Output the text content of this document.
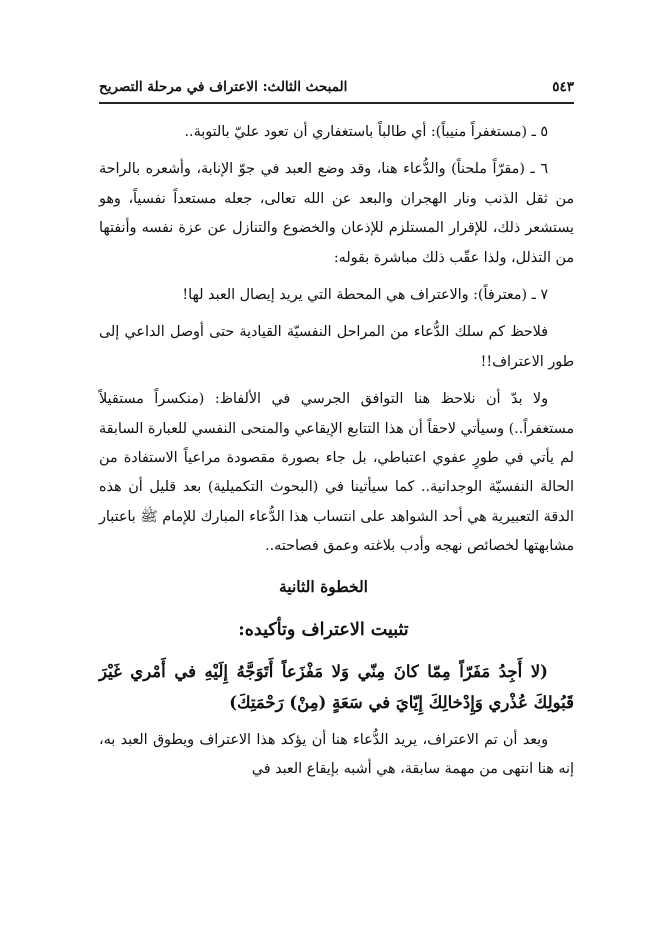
المبحث الثالث: الاعتراف في مرحلة التصريح	٥٤٣

٥ ـ (مستغفراً منيباً): أي طالباً باستغفاري أن تعود عليّ بالتوبة..

٦ ـ (مقرّاً ملحناً) والدُّعاء هنا، وقد وضع العبد في جوّ الإنابة، وأشعره بالراحة من ثقل الذنب ونار الهجران والبعد عن الله تعالى، جعله مستعداً نفسياً، وهو يستشعر ذلك، للإقرار المستلزم للإذعان والخضوع والتنازل عن عزة نفسه وأنفتها من التذلل، ولذا عقّب ذلك مباشرة بقوله:

٧ ـ (معترفاً): والاعتراف هي المحطة التي يريد إيصال العبد لها!

فلاحظ كم سلك الدُّعاء من المراحل النفسيّة القيادية حتى أوصل الداعي إلى طور الاعتراف!!

ولا بدّ أن نلاحظ هنا التوافق الجرسي في الألفاظ: (منكسراً مستقيلاً مستغفراً..) وسيأتي لاحقاً أن هذا التتابع الإيقاعي والمنحى النفسي للعبارة السابقة لم يأتي في طورٍ عفوي اعتباطي، بل جاء بصورة مقصودة مراعياً الاستفادة من الحالة النفسيّة الوجدانية.. كما سيأتينا في (البحوث التكميلية) بعد قليل أن هذه الدقة التعبيرية هي أحد الشواهد على انتساب هذا الدُّعاء المبارك للإمام ﷺ باعتبار مشابهتها لخصائص نهجه وأدب بلاغته وعمق فصاحته..

الخطوة الثانية

تثبيت الاعتراف وتأكيده:

(لا أَجِدُ مَفَرّاً مِمّا كانَ مِنّي وَلا مَفْزَعاً أَتَوَجَّهُ إِلَيْهِ في أَمْري غَيْرَ قَبُولِكَ عُذْري وَإِدْخالِكَ إِيّايَ في سَعَةٍ (مِنْ) رَحْمَتِكَ)

وبعد أن تم الاعتراف، يريد الدُّعاء هنا أن يؤكد هذا الاعتراف ويطوق العبد به، إنه هنا انتهى من مهمة سابقة، هي أشبه بإيقاع العبد في
